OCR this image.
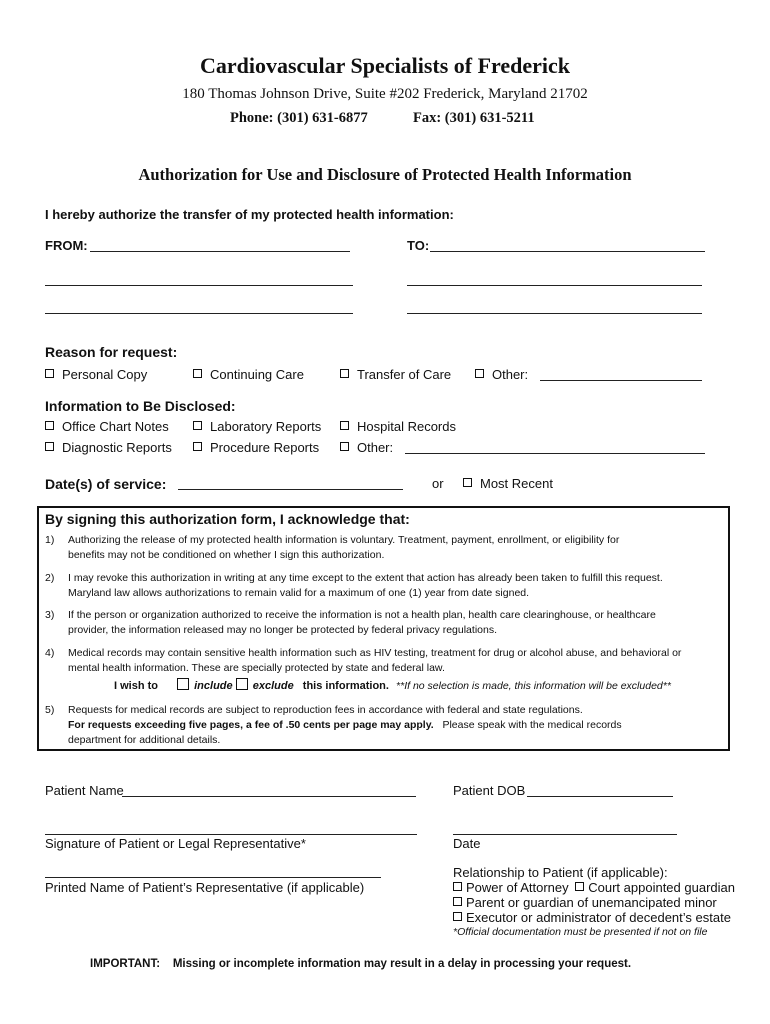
Cardiovascular Specialists of Frederick
180 Thomas Johnson Drive, Suite #202 Frederick, Maryland 21702
Phone: (301) 631-6877	Fax: (301) 631-5211
Authorization for Use and Disclosure of Protected Health Information
I hereby authorize the transfer of my protected health information:
FROM:	TO:
Reason for request:
Personal Copy	Continuing Care	Transfer of Care	Other:
Information to Be Disclosed:
Office Chart Notes	Laboratory Reports	Hospital Records
Diagnostic Reports	Procedure Reports	Other:
Date(s) of service:	or	Most Recent
By signing this authorization form, I acknowledge that:
1) Authorizing the release of my protected health information is voluntary. Treatment, payment, enrollment, or eligibility for
benefits may not be conditioned on whether I sign this authorization.
2) I may revoke this authorization in writing at any time except to the extent that action has already been taken to fulfill this request.
Maryland law allows authorizations to remain valid for a maximum of one (1) year from date signed.
3) If the person or organization authorized to receive the information is not a health plan, health care clearinghouse, or healthcare
provider, the information released may no longer be protected by federal privacy regulations.
4) Medical records may contain sensitive health information such as HIV testing, treatment for drug or alcohol abuse, and behavioral or
mental health information. These are specially protected by state and federal law.
I wish to	include exclude this information. **If no selection is made, this information will be excluded**
5) Requests for medical records are subject to reproduction fees in accordance with federal and state regulations.
For requests exceeding five pages, a fee of .50 cents per page may apply. Please speak with the medical records
department for additional details.
Patient Name	Patient DOB
Signature of Patient or Legal Representative*	Date
Printed Name of Patient’s Representative (if applicable)
Relationship to Patient (if applicable):
Power of Attorney Court appointed guardian
Parent or guardian of unemancipated minor
Executor or administrator of decedent’s estate
*Official documentation must be presented if not on file
IMPORTANT: Missing or incomplete information may result in a delay in processing your request.
